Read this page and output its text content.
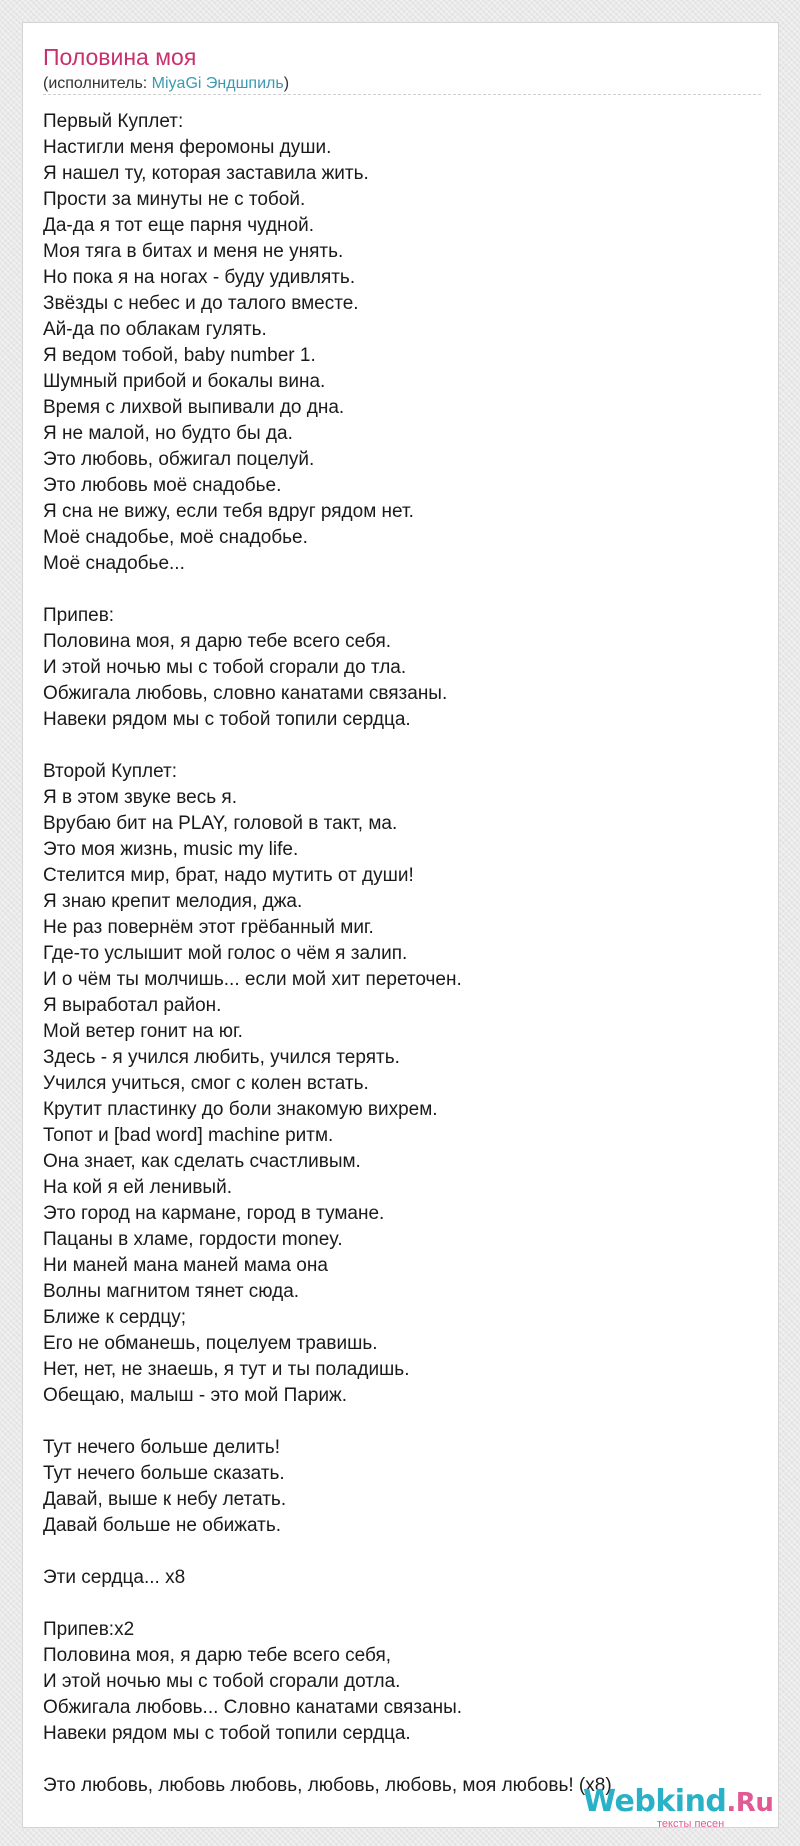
Половина моя
(исполнитель: MiyaGi Эндшпиль)
Первый Куплет:
Настигли меня феромоны души.
Я нашел ту, которая заставила жить.
Прости за минуты не с тобой.
Да-да я тот еще парня чудной.
Моя тяга в битах и меня не унять.
Но пока я на ногах - буду удивлять.
Звёзды с небес и до талого вместе.
Ай-да по облакам гулять.
Я ведом тобой, baby number 1.
Шумный прибой и бокалы вина.
Время с лихвой выпивали до дна.
Я не малой, но будто бы да.
Это любовь, обжигал поцелуй.
Это любовь моё снадобье.
Я сна не вижу, если тебя вдруг рядом нет.
Моё снадобье, моё снадобье.
Моё снадобье...
Припев:
Половина моя, я дарю тебе всего себя.
И этой ночью мы с тобой сгорали до тла.
Обжигала любовь, словно канатами связаны.
Навеки рядом мы с тобой топили сердца.
Второй Куплет:
Я в этом звуке весь я.
Врубаю бит на PLAY, головой в такт, ма.
Это моя жизнь, music my life.
Стелится мир, брат, надо мутить от души!
Я знаю крепит мелодия, джа.
Не раз повернём этот грёбанный миг.
Где-то услышит мой голос о чём я залип.
И о чём ты молчишь... если мой хит переточен.
Я выработал район.
Мой ветер гонит на юг.
Здесь - я учился любить, учился терять.
Учился учиться, смог с колен встать.
Крутит пластинку до боли знакомую вихрем.
Топот и [bad word] machine ритм.
Она знает, как сделать счастливым.
На кой я ей ленивый.
Это город на кармане, город в тумане.
Пацаны в хламе, гордости money.
Ни маней мана маней мама она
Волны магнитом тянет сюда.
Ближе к сердцу;
Его не обманешь, поцелуем травишь.
Нет, нет, не знаешь, я тут и ты поладишь.
Обещаю, малыш - это мой Париж.
Тут нечего больше делить!
Тут нечего больше сказать.
Давай, выше к небу летать.
Давай больше не обижать.
Эти сердца... x8
Припев:x2
Половина моя, я дарю тебе всего себя,
И этой ночью мы с тобой сгорали дотла.
Обжигала любовь... Словно канатами связаны.
Навеки рядом мы с тобой топили сердца.
Это любовь, любовь любовь, любовь, любовь, моя любовь! (x8)
Webkind.Ru
тексты песен
